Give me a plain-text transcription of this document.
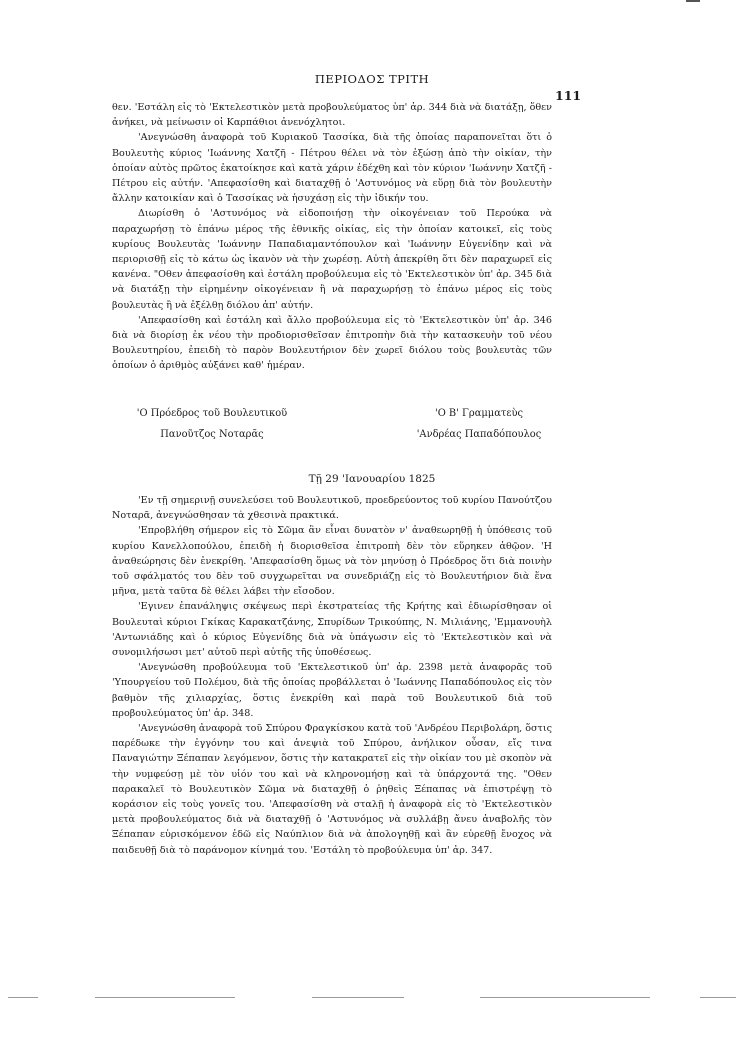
ΠΕΡΙΟΔΟΣ ΤΡΙΤΗ
111

θεν. 'Εστάλη εἰς τὸ 'Εκτελεστικὸν μετὰ προβουλεύματος ὑπ' ἀρ. 344 διὰ νὰ διατάξῃ, ὅθεν ἀνήκει, νὰ μείνωσιν οἱ Καρπάθιοι ἀνενόχλητοι.

'Ανεγνώσθη ἀναφορὰ τοῦ Κυριακοῦ Τασσίκα, διὰ τῆς ὁποίας παραπονεῖται ὅτι ὁ Βουλευτὴς κύριος 'Ιωάννης Χατζῆ - Πέτρου θέλει νὰ τὸν ἐξώσῃ ἀπὸ τὴν οἰκίαν, τὴν ὁποίαν αὐτὸς πρῶτος ἐκατοίκησε καὶ κατὰ χάριν ἐδέχθη καὶ τὸν κύριον 'Ιωάννην Χατζῆ - Πέτρου εἰς αὐτήν. 'Απεφασίσθη καὶ διαταχθῇ ὁ 'Αστυνόμος νὰ εὕρῃ διὰ τὸν βουλευτὴν ἄλλην κατοικίαν καὶ ὁ Τασσίκας νὰ ἡσυχάσῃ εἰς τὴν ἰδικήν του.

Διωρίσθη ὁ 'Αστυνόμος νὰ εἰδοποιήσῃ τὴν οἰκογένειαν τοῦ Περούκα νὰ παραχωρήσῃ τὸ ἐπάνω μέρος τῆς ἐθνικῆς οἰκίας, εἰς τὴν ὁποίαν κατοικεῖ, εἰς τοὺς κυρίους Βουλευτὰς 'Ιωάννην Παπαδιαμαντόπουλον καὶ 'Ιωάννην Εὐγενίδην καὶ νὰ περιορισθῇ εἰς τὸ κάτω ὡς ἱκανὸν νὰ τὴν χωρέσῃ. Αὐτὴ ἀπεκρίθη ὅτι δὲν παραχωρεῖ εἰς κανένα. "Οθεν ἀπεφασίσθη καὶ ἐστάλη προβούλευμα εἰς τὸ 'Εκτελεστικὸν ὑπ' ἀρ. 345 διὰ νὰ διατάξῃ τὴν εἰρημένην οἰκογένειαν ἢ νὰ παραχωρήσῃ τὸ ἐπάνω μέρος εἰς τοὺς βουλευτὰς ἢ νὰ ἐξέλθῃ διόλου ἀπ' αὐτήν.

'Απεφασίσθη καὶ ἐστάλη καὶ ἄλλο προβούλευμα εἰς τὸ 'Εκτελεστικὸν ὑπ' ἀρ. 346 διὰ νὰ διορίσῃ ἐκ νέου τὴν προδιορισθεῖσαν ἐπιτροπὴν διὰ τὴν κατασκευὴν τοῦ νέου Βουλευτηρίου, ἐπειδὴ τὸ παρὸν Βουλευτήριον δὲν χωρεῖ διόλου τοὺς βουλευτὰς τῶν ὁποίων ὁ ἀριθμὸς αὐξάνει καθ' ἡμέραν.

'Ο Πρόεδρος τοῦ Βουλευτικοῦ
Πανοῦτζος Νοταρᾶς
'Ο Β' Γραμματεὺς
'Ανδρέας Παπαδόπουλος
Τῇ 29 'Ιανουαρίου 1825

'Εν τῇ σημερινῇ συνελεύσει τοῦ Βουλευτικοῦ, προεδρεύοντος τοῦ κυρίου Πανούτζου Νοταρᾶ, ἀνεγνώσθησαν τὰ χθεσινὰ πρακτικά.

'Επροβλήθη σήμερον εἰς τὸ Σῶμα ἂν εἶναι δυνατὸν ν' ἀναθεωρηθῇ ἡ ὑπόθεσις τοῦ κυρίου Κανελλοπούλου, ἐπειδὴ ἡ διορισθεῖσα ἐπιτροπὴ δὲν τὸν εὕρηκεν ἀθῷον. 'Η ἀναθεώρησις δὲν ἐνεκρίθη. 'Απεφασίσθη ὅμως νὰ τὸν μηνύσῃ ὁ Πρόεδρος ὅτι διὰ ποινὴν τοῦ σφάλματός του δὲν τοῦ συγχωρεῖται να συνεδριάζῃ εἰς τὸ Βουλευτήριον διὰ ἕνα μῆνα, μετὰ ταῦτα δὲ θέλει λάβει τὴν εἴσοδον.

'Εγινεν ἐπανάληψις σκέψεως περὶ ἐκστρατείας τῆς Κρήτης καὶ ἐδιωρίσθησαν οἱ Βουλευταὶ κύριοι Γκίκας Καρακατζάνης, Σπυρίδων Τρικούπης, Ν. Μιλιάνης, 'Εμμανουὴλ 'Αντωνιάδης καὶ ὁ κύριος Εὐγενίδης διὰ νὰ ὑπάγωσιν εἰς τὸ 'Εκτελεστικὸν καὶ νὰ συνομιλήσωσι μετ' αὐτοῦ περὶ αὐτῆς τῆς ὑποθέσεως.

'Ανεγνώσθη προβούλευμα τοῦ 'Εκτελεστικοῦ ὑπ' ἀρ. 2398 μετὰ ἀναφορᾶς τοῦ 'Υπουργείου τοῦ Πολέμου, διὰ τῆς ὁποίας προβάλλεται ὁ 'Ιωάννης Παπαδόπουλος εἰς τὸν βαθμὸν τῆς χιλιαρχίας, ὅστις ἐνεκρίθη καὶ παρὰ τοῦ Βουλευτικοῦ διὰ τοῦ προβουλεύματος ὑπ' ἀρ. 348.

'Ανεγνώσθη ἀναφορὰ τοῦ Σπύρου Φραγκίσκου κατὰ τοῦ 'Ανδρέου Περιβολάρη, ὅστις παρέδωκε τὴν ἐγγόνην του καὶ ἀνεψιὰ τοῦ Σπύρου, ἀνήλικον οὖσαν, εἴς τινα Παναγιώτην Ξέπαπαν λεγόμενον, ὅστις τὴν κατακρατεῖ εἰς τὴν οἰκίαν του μὲ σκοπὸν νὰ τὴν νυμφεύσῃ μὲ τὸν υἱόν του καὶ νὰ κληρονομήσῃ καὶ τὰ ὑπάρχοντά της. "Οθεν παρακαλεῖ τὸ Βουλευτικὸν Σῶμα νὰ διαταχθῇ ὁ ῥηθεὶς Ξέπαπας νὰ ἐπιστρέψῃ τὸ κοράσιον εἰς τοὺς γονεῖς του. 'Απεφασίσθη νὰ σταλῇ ἡ ἀναφορὰ εἰς τὸ 'Εκτελεστικὸν μετὰ προβουλεύματος διὰ νὰ διαταχθῇ ὁ 'Αστυνόμος νὰ συλλάβῃ ἄνευ ἀναβολῆς τὸν Ξέπαπαν εὑρισκόμενον ἐδῶ εἰς Ναύπλιον διὰ νὰ ἀπολογηθῇ καὶ ἂν εὑρεθῇ ἔνοχος νὰ παιδευθῇ διὰ τὸ παράνομον κίνημά του. 'Εστάλη τὸ προβούλευμα ὑπ' ἀρ. 347.
